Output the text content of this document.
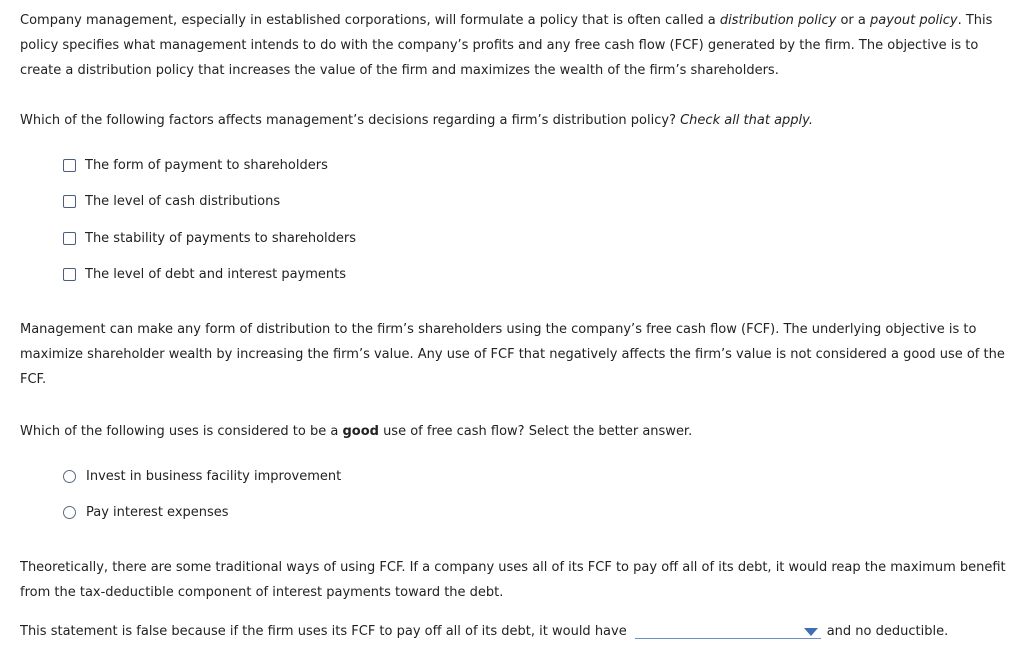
Company management, especially in established corporations, will formulate a policy that is often called a distribution policy or a payout policy. This policy specifies what management intends to do with the company’s profits and any free cash flow (FCF) generated by the firm. The objective is to create a distribution policy that increases the value of the firm and maximizes the wealth of the firm’s shareholders.

Which of the following factors affects management’s decisions regarding a firm’s distribution policy? Check all that apply.

The form of payment to shareholders
The level of cash distributions
The stability of payments to shareholders
The level of debt and interest payments

Management can make any form of distribution to the firm’s shareholders using the company’s free cash flow (FCF). The underlying objective is to maximize shareholder wealth by increasing the firm’s value. Any use of FCF that negatively affects the firm’s value is not considered a good use of the FCF.

Which of the following uses is considered to be a good use of free cash flow? Select the better answer.

Invest in business facility improvement
Pay interest expenses

Theoretically, there are some traditional ways of using FCF. If a company uses all of its FCF to pay off all of its debt, it would reap the maximum benefit from the tax-deductible component of interest payments toward the debt.

This statement is false because if the firm uses its FCF to pay off all of its debt, it would have	and no deductible.
